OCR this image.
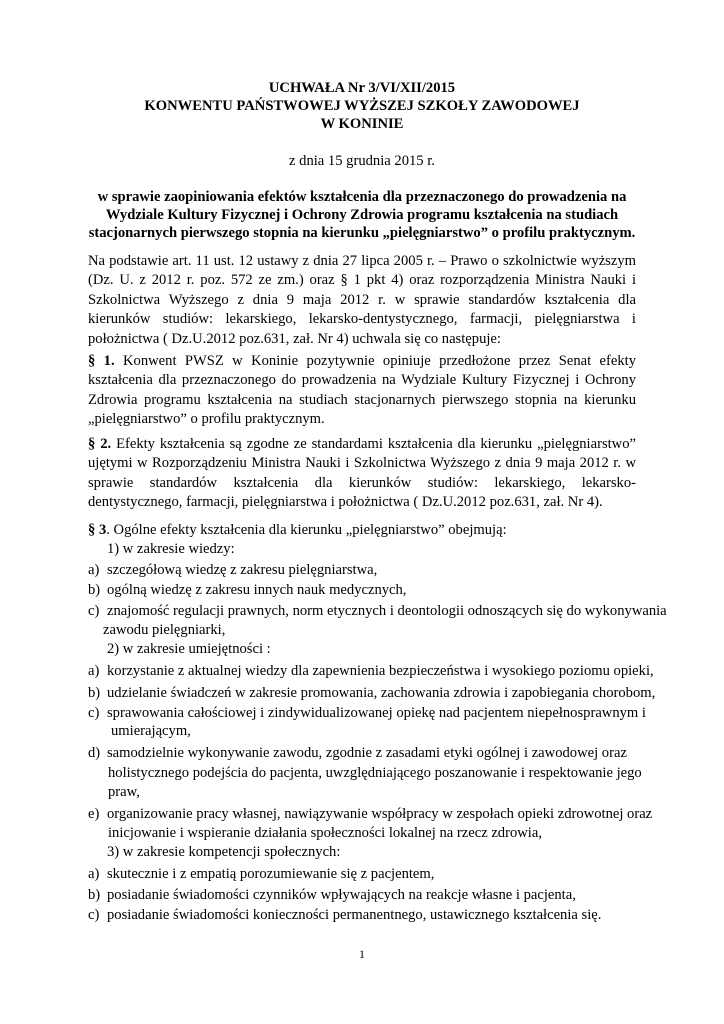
UCHWAŁA Nr 3/VI/XII/2015
KONWENTU PAŃSTWOWEJ WYŻSZEJ SZKOŁY ZAWODOWEJ
W KONINIE
z dnia 15 grudnia 2015 r.
w sprawie zaopiniowania efektów kształcenia dla przeznaczonego do prowadzenia na
Wydziale Kultury Fizycznej i Ochrony Zdrowia programu kształcenia na studiach
stacjonarnych pierwszego stopnia na kierunku „pielęgniarstwo” o profilu praktycznym.
Na podstawie art. 11 ust. 12 ustawy z dnia 27 lipca 2005 r. – Prawo o szkolnictwie wyższym (Dz. U. z 2012 r. poz. 572 ze zm.) oraz § 1 pkt 4) oraz rozporządzenia Ministra Nauki i Szkolnictwa Wyższego z dnia 9 maja 2012 r. w sprawie standardów kształcenia dla kierunków studiów: lekarskiego, lekarsko-dentystycznego, farmacji, pielęgniarstwa i położnictwa ( Dz.U.2012 poz.631, zał. Nr 4) uchwala się co następuje:
§ 1. Konwent PWSZ w Koninie pozytywnie opiniuje przedłożone przez Senat efekty kształcenia dla przeznaczonego do prowadzenia na Wydziale Kultury Fizycznej i Ochrony Zdrowia programu kształcenia na studiach stacjonarnych pierwszego stopnia na kierunku „pielęgniarstwo” o profilu praktycznym.
§ 2. Efekty kształcenia są zgodne ze standardami kształcenia dla kierunku „pielęgniarstwo” ujętymi w Rozporządzeniu Ministra Nauki i Szkolnictwa Wyższego z dnia 9 maja 2012 r. w sprawie standardów kształcenia dla kierunków studiów: lekarskiego, lekarsko-dentystycznego, farmacji, pielęgniarstwa i położnictwa ( Dz.U.2012 poz.631, zał. Nr 4).
§ 3. Ogólne efekty kształcenia dla kierunku „pielęgniarstwo” obejmują:
1) w zakresie wiedzy:
a) szczegółową wiedzę z zakresu pielęgniarstwa,
b) ogólną wiedzę z zakresu innych nauk medycznych,
c) znajomość regulacji prawnych, norm etycznych i deontologii odnoszących się do wykonywania
zawodu pielęgniarki,
2) w zakresie umiejętności :
a) korzystanie z aktualnej wiedzy dla zapewnienia bezpieczeństwa i wysokiego poziomu opieki,
b) udzielanie świadczeń w zakresie promowania, zachowania zdrowia i zapobiegania chorobom,
c) sprawowania całościowej i zindywidualizowanej opiekę nad pacjentem niepełnosprawnym i
umierającym,
d) samodzielnie wykonywanie zawodu, zgodnie z zasadami etyki ogólnej i zawodowej oraz
holistycznego podejścia do pacjenta, uwzględniającego poszanowanie i respektowanie jego
praw,
e) organizowanie pracy własnej, nawiązywanie współpracy w zespołach opieki zdrowotnej oraz
inicjowanie i wspieranie działania społeczności lokalnej na rzecz zdrowia,
3) w zakresie kompetencji społecznych:
a) skutecznie i z empatią porozumiewanie się z pacjentem,
b) posiadanie świadomości czynników wpływających na reakcje własne i pacjenta,
c) posiadanie świadomości konieczności permanentnego, ustawicznego kształcenia się.
1
